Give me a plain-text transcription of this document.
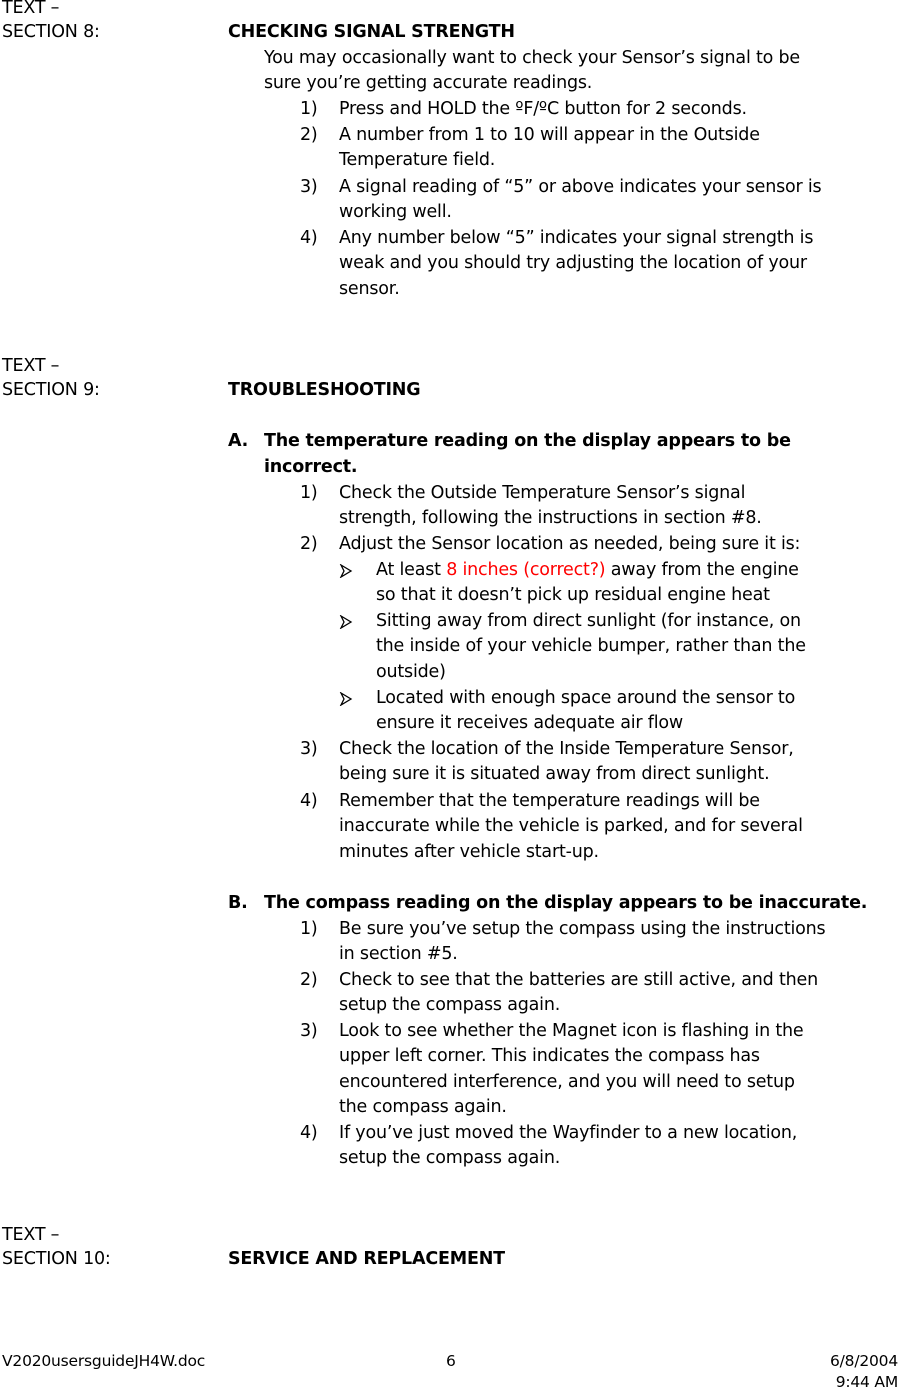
TEXT –
SECTION 8:	CHECKING SIGNAL STRENGTH
You may occasionally want to check your Sensor’s signal to be
sure you’re getting accurate readings.
1) Press and HOLD the ºF/ºC button for 2 seconds.
2) A number from 1 to 10 will appear in the Outside
Temperature field.
3) A signal reading of “5” or above indicates your sensor is
working well.
4) Any number below “5” indicates your signal strength is
weak and you should try adjusting the location of your
sensor.
TEXT –
SECTION 9:	TROUBLESHOOTING
A. The temperature reading on the display appears to be
incorrect.
1) Check the Outside Temperature Sensor’s signal
strength, following the instructions in section #8.
2) Adjust the Sensor location as needed, being sure it is:
At least 8 inches (correct?) away from the engine
so that it doesn’t pick up residual engine heat
Sitting away from direct sunlight (for instance, on
the inside of your vehicle bumper, rather than the
outside)
Located with enough space around the sensor to
ensure it receives adequate air flow
3) Check the location of the Inside Temperature Sensor,
being sure it is situated away from direct sunlight.
4) Remember that the temperature readings will be
inaccurate while the vehicle is parked, and for several
minutes after vehicle start-up.
B. The compass reading on the display appears to be inaccurate.
1) Be sure you’ve setup the compass using the instructions
in section #5.
2) Check to see that the batteries are still active, and then
setup the compass again.
3) Look to see whether the Magnet icon is flashing in the
upper left corner. This indicates the compass has
encountered interference, and you will need to setup
the compass again.
4) If you’ve just moved the Wayfinder to a new location,
setup the compass again.
TEXT –
SECTION 10:	SERVICE AND REPLACEMENT
V2020usersguideJH4W.doc	6	6/8/2004
9:44 AM
